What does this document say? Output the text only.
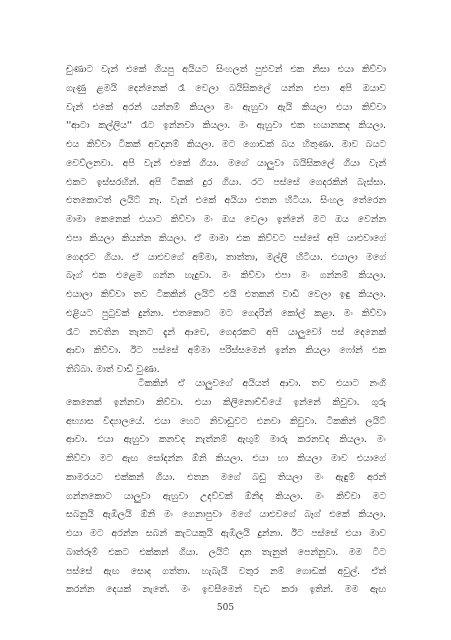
චුණාට වැන් එකේ ගියපු අයියට සිංහලත් පුළුවන් එක නිසා එයා කිව්වා
ගැණු ළමයි දෙන්නෙක් රෑ වෙලා බයිසිකලේ යන්න එපා අපි ඔයාව
වැන් එකේ අරන් යන්නම් කියලා මං ඇහුවා ඇයි කියලා එයා කිව්වා
''ආටා කල්ලිය'' රෑට ඉන්නවා කියලා. මං ඇහුවා එක භයානකද කියලා.
එය කිව්වා ටිකක් අවදානම් කියලා. මට ගොඩක් බය හිතුණා. මාව බයට
වෙව්ලනවා. අපි වැන් එකේ ගියා. මගේ යාලුවා බයිසිකලේ ගියා වැන්
එකට ඉස්සරහින්. අපි ටිකක් දුර ගියා. රට පස්සේ ගෙදරකින් බැස්සා.
එතකොටත් ලයිට් නෑ. වැන් එකේ අයියා එතන හිටියා. සිංහල තේරෙන
මාමා කෙනෙක් එයාට කිව්වා මං ඔය වෙලා ඉන්නේ මට ඔය වෙන්න
එපා කියලා කියන්න කියලා. ඒ මාමා එක කිව්වට පස්සේ අපි යාළුවාගේ
ගෙදරට ගියා. ඒ යාළුවගේ අම්මා, තාත්තා, මල්ලි හිටියා. එයාලා මගේ
බෑග් එක එළෙම ගන්න හැදුවා. මං කිව්වා එපා මං ගන්නම් කියලා.
එයාලා කිව්වා තව ටිකකින් ලයිට් එයි එතකන් වාඩි වෙලා ඉඳු කියලා.
එළියට පුටුවක් දුන්නා. එතකොට මට ගෙදරින් කෝල් කළා. මං කිව්වා
රෑට නවතින තැනට දැන් ආවෙ, ගෙදරකට අපි යාලුවෝ පස් දෙනෙක්
ආවා කිව්වා. ඊට පස්සේ අම්මා පරිස්සමෙන් ඉන්න කියලා ෆෝන් එක
තිබ්බා. මාත් වාඩි වුණා.
ටිකකින් ඒ යාලුවගේ අයියත් ආවා. තව එයාට නංගි
කෙනෙක් ඉන්නවා කිව්වා. එයා කිලිනොච්චියේ ඉන්නේ කිවුවා. ගුරු
අභ්‍යාස විද්‍යාලයේ. එයා හෙට නිවාඩුවට එනවා කිවුවා. ටිකකින් ලයිට්
ආවා. එයා ඇහුවා කනවද නැත්නම් ඇඟුම් මාරු කරනවද කියලා. මං
කිව්වා මට ඇඟ සෝදන්න ඕනි කියලා. එයා හා කියලා මාව එයාගේ
කාමරයට එක්කන් ගියා. එතන මගේ බඩු තියලා මං ඇඳුම් අරන්
ගන්නකොට යාලුවා ඇහුවා උදව්වක් ඕනිද කියලා. මං කිව්වා මට
සබනුයි ඇඹිලයි ඕනි මං ගෙනාපුවා මගේ යාළුවගේ බෑග් එකේ කියලා.
එයා මට අරන්න සබන් කැටයකුයි ඇඹිලයි දුන්නා. ඊට පස්සේ එයා මාව
බාත්රූම් එකට එක්කන් ගියා. ලයිට් දාන තැනුත් පෙන්නුවා. මම ටිට
පස්සේ ඇඟ සොද ගත්තා. හැබැයි වතුර නම් ගොඩක් අවුල්. ඒත්
කරන්න දෙයක් නැතේ. මං ඉවසීමෙන් වැඩ කරා ඉතින්. මම ඇඟ
505
